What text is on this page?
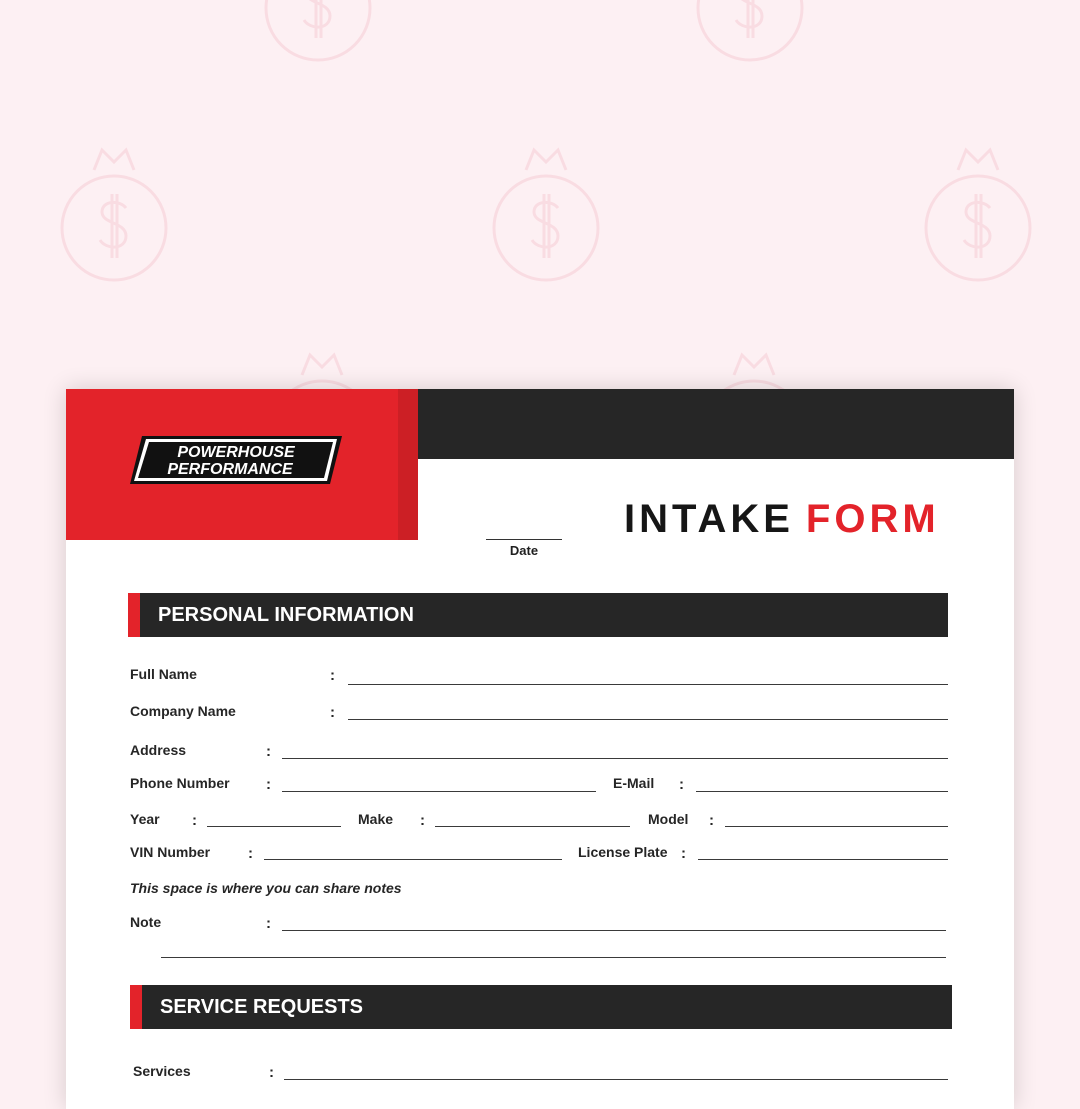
POWERHOUSE
PERFORMANCE
INTAKE FORM
Date
PERSONAL INFORMATION
Full Name	:
Company Name	:
Address	:
Phone Number :	E-Mail :
Year :	Make :	Model :
VIN Number	:	License Plate :
This space is where you can share notes
Note	:
SERVICE REQUESTS
Services	:
